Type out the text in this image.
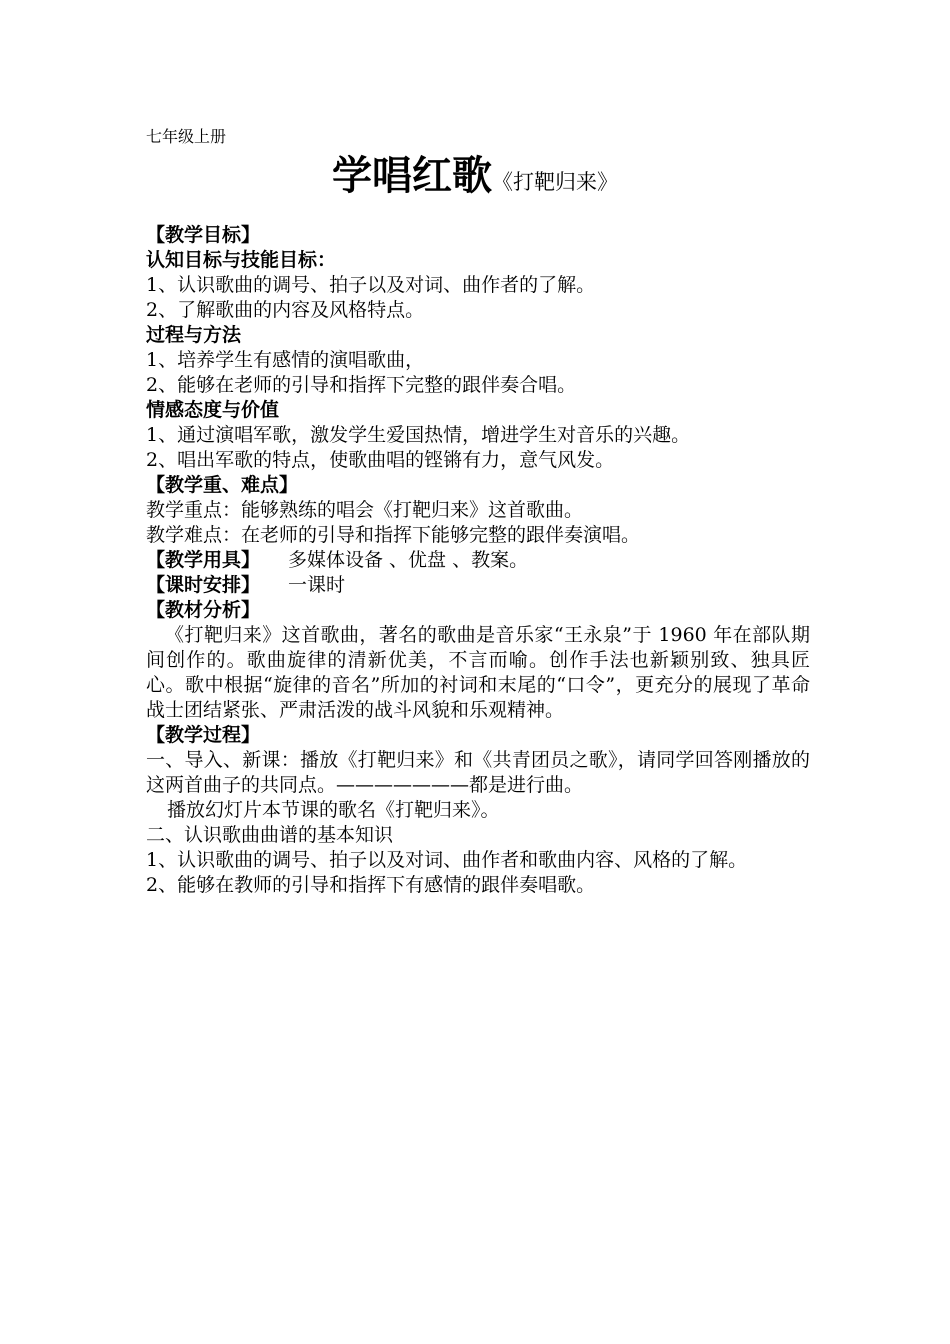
七年级上册
学唱红歌《打靶归来》
【教学目标】
认知目标与技能目标：
1、认识歌曲的调号、拍子以及对词、曲作者的了解。
2、了解歌曲的内容及风格特点。
过程与方法
1、培养学生有感情的演唱歌曲，
2、能够在老师的引导和指挥下完整的跟伴奏合唱。
情感态度与价值
1、通过演唱军歌，激发学生爱国热情，增进学生对音乐的兴趣。
2、唱出军歌的特点，使歌曲唱的铿锵有力，意气风发。
【教学重、难点】
教学重点：能够熟练的唱会《打靶归来》这首歌曲。
教学难点：在老师的引导和指挥下能够完整的跟伴奏演唱。
【教学用具】 多媒体设备 、优盘 、教案。
【课时安排】 一课时
【教材分析】

《打靶归来》这首歌曲，著名的歌曲是音乐家“王永泉”于 1960 年在部队期间创作的。歌曲旋律的清新优美，不言而喻。创作手法也新颖别致、独具匠心。歌中根据“旋律的音名”所加的衬词和末尾的“口令”，更充分的展现了革命战士团结紧张、严肃活泼的战斗风貌和乐观精神。

【教学过程】

一、导入、新课：播放《打靶归来》和《共青团员之歌》，请同学回答刚播放的这两首曲子的共同点。———————都是进行曲。

播放幻灯片本节课的歌名《打靶归来》。
二、认识歌曲曲谱的基本知识
1、认识歌曲的调号、拍子以及对词、曲作者和歌曲内容、风格的了解。
2、能够在教师的引导和指挥下有感情的跟伴奏唱歌。
